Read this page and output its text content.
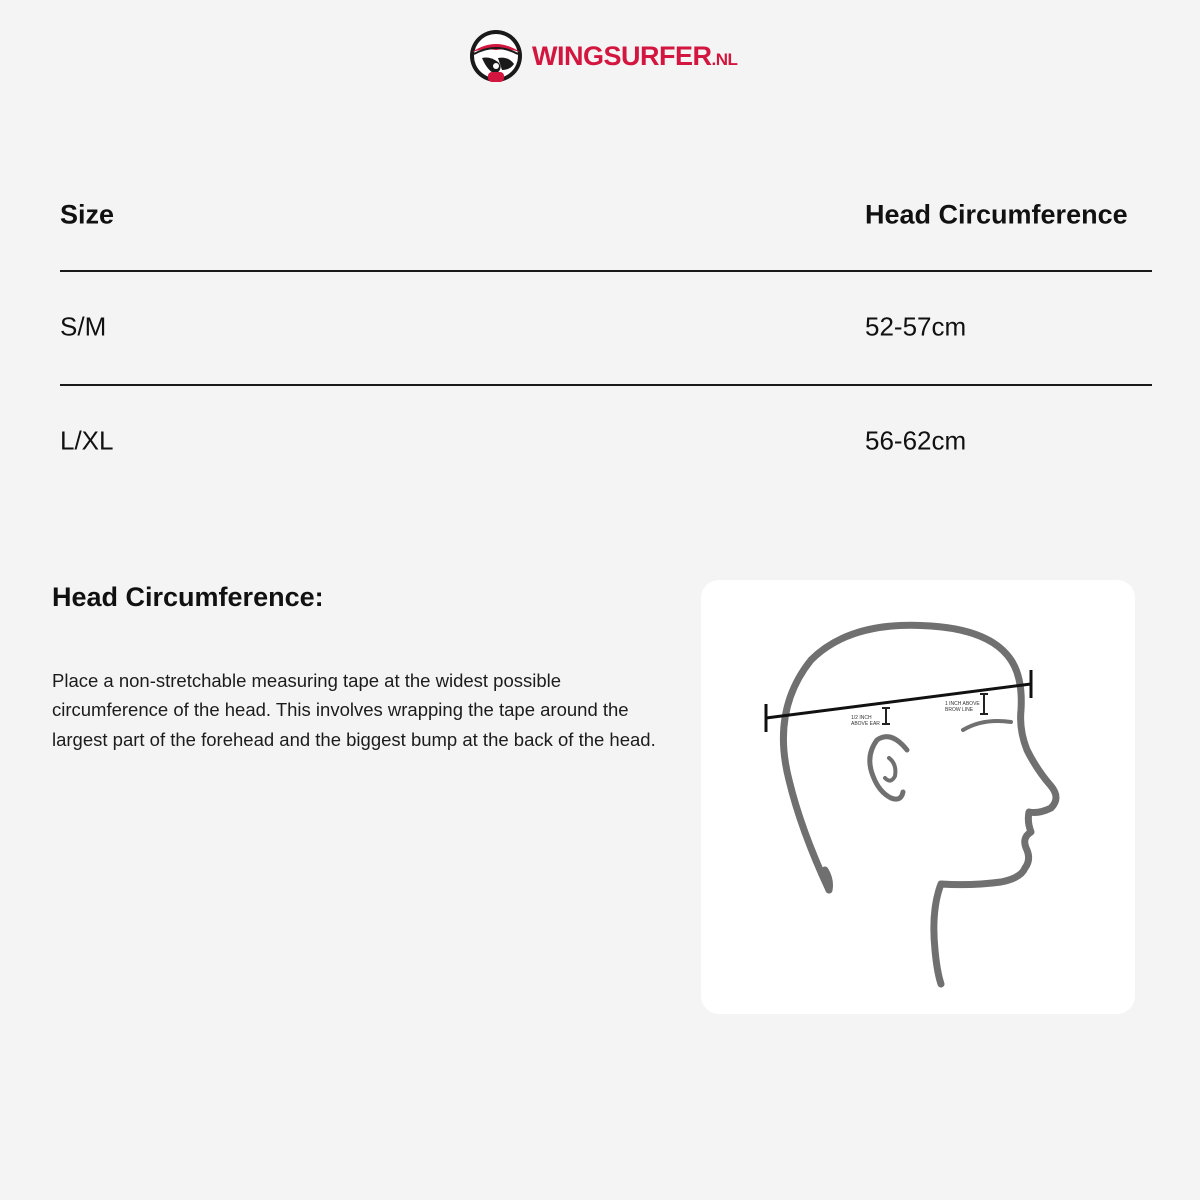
WINGSURFER .NL
Size	Head Circumference
S/M	52-57cm
L/XL	56-62cm
Head Circumference:
Place a non-stretchable measuring tape at the widest possible circumference of the head. This involves wrapping the tape around the largest part of the forehead and the biggest bump at the back of the head.
1/2 INCH
ABOVE EAR
1 INCH ABOVE
BROW LINE
